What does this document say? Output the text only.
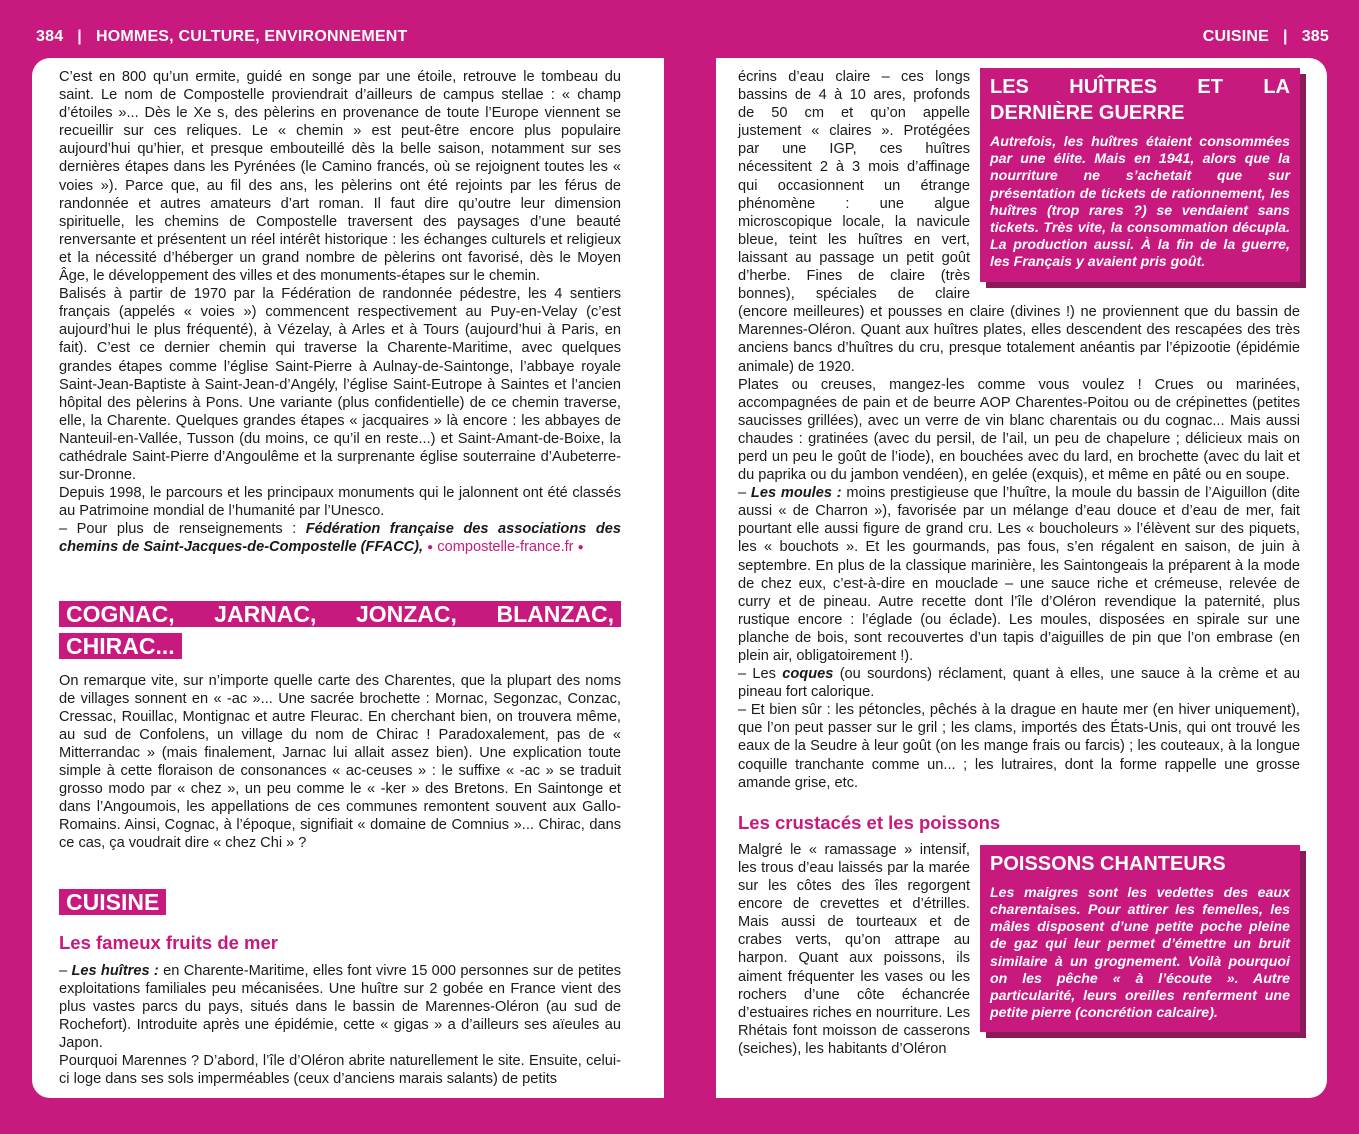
384 | HOMMES, CULTURE, ENVIRONNEMENT	CUISINE | 385

C’est en 800 qu’un ermite, guidé en songe par une étoile, retrouve le tombeau du saint. Le nom de Compostelle proviendrait d’ailleurs de campus stellae : « champ d’étoiles »... Dès le Xe s, des pèlerins en provenance de toute l’Europe viennent se recueillir sur ces reliques. Le « chemin » est peut-être encore plus populaire aujourd’hui qu’hier, et presque embouteillé dès la belle saison, notamment sur ses dernières étapes dans les Pyrénées (le Camino francés, où se rejoignent toutes les « voies »). Parce que, au fil des ans, les pèlerins ont été rejoints par les férus de randonnée et autres amateurs d’art roman. Il faut dire qu’outre leur dimension spirituelle, les chemins de Compostelle traversent des paysages d’une beauté renversante et présentent un réel intérêt historique : les échanges culturels et religieux et la nécessité d’héberger un grand nombre de pèlerins ont favorisé, dès le Moyen Âge, le développement des villes et des monuments-étapes sur le chemin.

Balisés à partir de 1970 par la Fédération de randonnée pédestre, les 4 sentiers français (appelés « voies ») commencent respectivement au Puy-en-Velay (c’est aujourd’hui le plus fréquenté), à Vézelay, à Arles et à Tours (aujourd’hui à Paris, en fait). C’est ce dernier chemin qui traverse la Charente-Maritime, avec quelques grandes étapes comme l’église Saint-Pierre à Aulnay-de-Saintonge, l’abbaye royale Saint-Jean-Baptiste à Saint-Jean-d’Angély, l’église Saint-Eutrope à Saintes et l’ancien hôpital des pèlerins à Pons. Une variante (plus confidentielle) de ce chemin traverse, elle, la Charente. Quelques grandes étapes « jacquaires » là encore : les abbayes de Nanteuil-en-Vallée, Tusson (du moins, ce qu’il en reste...) et Saint-Amant-de-Boixe, la cathédrale Saint-Pierre d’Angoulême et la surprenante église souterraine d’Aubeterre-sur-Dronne.

Depuis 1998, le parcours et les principaux monuments qui le jalonnent ont été classés au Patrimoine mondial de l’humanité par l’Unesco.

– Pour plus de renseignements : Fédération française des associations des chemins de Saint-Jacques-de-Compostelle (FFACC), ● compostelle-france.fr ●

COGNAC, JARNAC, JONZAC, BLANZAC, CHIRAC...

On remarque vite, sur n’importe quelle carte des Charentes, que la plupart des noms de villages sonnent en « -ac »... Une sacrée brochette : Mornac, Segonzac, Conzac, Cressac, Rouillac, Montignac et autre Fleurac. En cherchant bien, on trouvera même, au sud de Confolens, un village du nom de Chirac ! Paradoxalement, pas de « Mitterrandac » (mais finalement, Jarnac lui allait assez bien). Une explication toute simple à cette floraison de consonances « ac-ceuses » : le suffixe « -ac » se traduit grosso modo par « chez », un peu comme le « -ker » des Bretons. En Saintonge et dans l’Angoumois, les appellations de ces communes remontent souvent aux Gallo-Romains. Ainsi, Cognac, à l’époque, signifiait « domaine de Comnius »... Chirac, dans ce cas, ça voudrait dire « chez Chi » ?

CUISINE
Les fameux fruits de mer

– Les huîtres : en Charente-Maritime, elles font vivre 15 000 personnes sur de petites exploitations familiales peu mécanisées. Une huître sur 2 gobée en France vient des plus vastes parcs du pays, situés dans le bassin de Marennes-Oléron (au sud de Rochefort). Introduite après une épidémie, cette « gigas » a d’ailleurs ses aïeules au Japon.

Pourquoi Marennes ? D’abord, l’île d’Oléron abrite naturellement le site. Ensuite, celui-ci loge dans ses sols imperméables (ceux d’anciens marais salants) de petits

LES HUÎTRES ET LA DERNIÈRE GUERRE
Autrefois, les huîtres étaient consommées par une élite. Mais en 1941, alors que la nourriture ne s’achetait que sur présentation de tickets de rationnement, les huîtres (trop rares ?) se vendaient sans tickets. Très vite, la consommation décupla. La production aussi. À la fin de la guerre, les Français y avaient pris goût.

écrins d’eau claire – ces longs bassins de 4 à 10 ares, profonds de 50 cm et qu’on appelle justement « claires ». Protégées par une IGP, ces huîtres nécessitent 2 à 3 mois d’affinage qui occasionnent un étrange phénomène : une algue microscopique locale, la navicule bleue, teint les huîtres en vert, laissant au passage un petit goût d’herbe. Fines de claire (très bonnes), spéciales de claire (encore meilleures) et pousses en claire (divines !) ne proviennent que du bassin de Marennes-Oléron. Quant aux huîtres plates, elles descendent des rescapées des très anciens bancs d’huîtres du cru, presque totalement anéantis par l’épizootie (épidémie animale) de 1920.

Plates ou creuses, mangez-les comme vous voulez ! Crues ou marinées, accompagnées de pain et de beurre AOP Charentes-Poitou ou de crépinettes (petites saucisses grillées), avec un verre de vin blanc charentais ou du cognac... Mais aussi chaudes : gratinées (avec du persil, de l’ail, un peu de chapelure ; délicieux mais on perd un peu le goût de l’iode), en bouchées avec du lard, en brochette (avec du lait et du paprika ou du jambon vendéen), en gelée (exquis), et même en pâté ou en soupe.

– Les moules : moins prestigieuse que l’huître, la moule du bassin de l’Aiguillon (dite aussi « de Charron »), favorisée par un mélange d’eau douce et d’eau de mer, fait pourtant elle aussi figure de grand cru. Les « boucholeurs » l’élèvent sur des piquets, les « bouchots ». Et les gourmands, pas fous, s’en régalent en saison, de juin à septembre. En plus de la classique marinière, les Saintongeais la préparent à la mode de chez eux, c’est-à-dire en mouclade – une sauce riche et crémeuse, relevée de curry et de pineau. Autre recette dont l’île d’Oléron revendique la paternité, plus rustique encore : l’églade (ou éclade). Les moules, disposées en spirale sur une planche de bois, sont recouvertes d’un tapis d’aiguilles de pin que l’on embrase (en plein air, obligatoirement !).

– Les coques (ou sourdons) réclament, quant à elles, une sauce à la crème et au pineau fort calorique.

– Et bien sûr : les pétoncles, pêchés à la drague en haute mer (en hiver uniquement), que l’on peut passer sur le gril ; les clams, importés des États-Unis, qui ont trouvé les eaux de la Seudre à leur goût (on les mange frais ou farcis) ; les couteaux, à la longue coquille tranchante comme un... ; les lutraires, dont la forme rappelle une grosse amande grise, etc.

Les crustacés et les poissons
POISSONS CHANTEURS
Les maigres sont les vedettes des eaux charentaises. Pour attirer les femelles, les mâles disposent d’une petite poche pleine de gaz qui leur permet d’émettre un bruit similaire à un grognement. Voilà pourquoi on les pêche « à l’écoute ». Autre particularité, leurs oreilles renferment une petite pierre (concrétion calcaire).

Malgré le « ramassage » intensif, les trous d’eau laissés par la marée sur les côtes des îles regorgent encore de crevettes et d’étrilles. Mais aussi de tourteaux et de crabes verts, qu’on attrape au harpon. Quant aux poissons, ils aiment fréquenter les vases ou les rochers d’une côte échancrée d’estuaires riches en nourriture. Les Rhétais font moisson de casserons (seiches), les habitants d’Oléron
